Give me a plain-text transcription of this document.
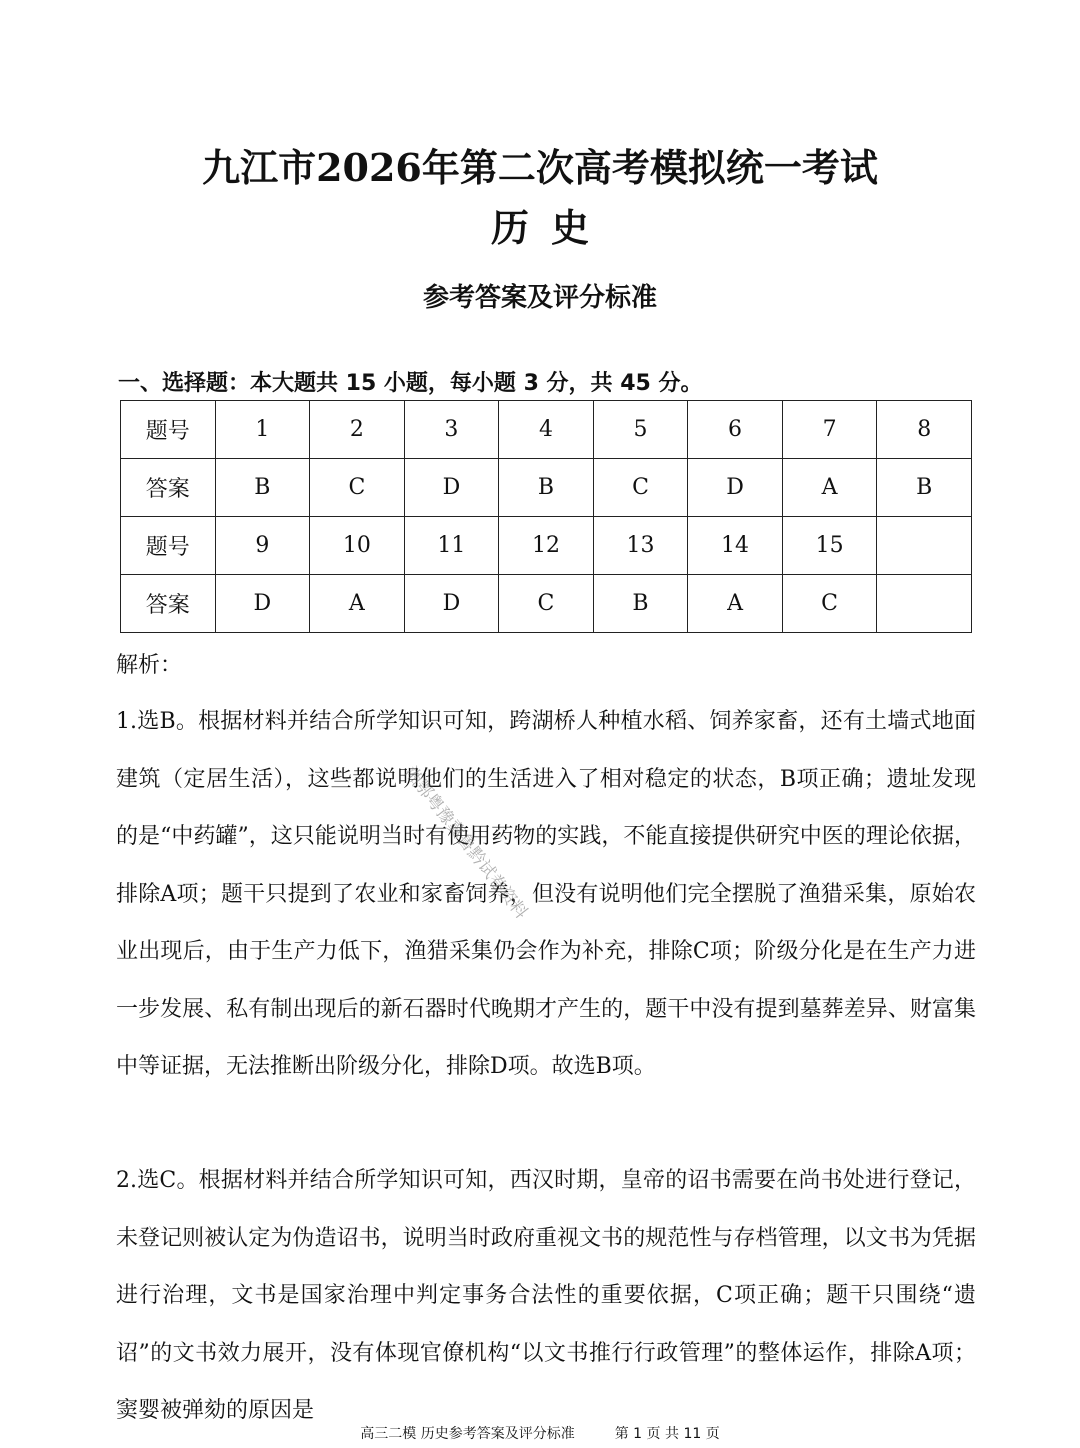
九江市2026年第二次高考模拟统一考试
历史
参考答案及评分标准
一、选择题：本大题共 15 小题，每小题 3 分，共 45 分。
题号	1	2	3	4	5	6	7	8
答案	B	C	D	B	C	D	A	B
题号	9	10	11	12	13	14	15	
答案	D	A	D	C	B	A	C	
解析：
1.选B。根据材料并结合所学知识可知，跨湖桥人种植水稻、饲养家畜，还有土墙式地面建筑（定居生活），这些都说明他们的生活进入了相对稳定的状态，B项正确；遗址发现的是“中药罐”，这只能说明当时有使用药物的实践，不能直接提供研究中医的理论依据，排除A项；题干只提到了农业和家畜饲养，但没有说明他们完全摆脱了渔猎采集，原始农业出现后，由于生产力低下，渔猎采集仍会作为补充，排除C项；阶级分化是在生产力进一步发展、私有制出现后的新石器时代晚期才产生的，题干中没有提到墓葬差异、财富集中等证据，无法推断出阶级分化，排除D项。故选B项。
2.选C。根据材料并结合所学知识可知，西汉时期，皇帝的诏书需要在尚书处进行登记，未登记则被认定为伪造诏书，说明当时政府重视文书的规范性与存档管理，以文书为凭据进行治理，文书是国家治理中判定事务合法性的重要依据，C项正确；题干只围绕“遗诏”的文书效力展开，没有体现官僚机构“以文书推行行政管理”的整体运作，排除A项；窦婴被弹劾的原因是
湘鄂粤豫冀鲁黔试卷资料
高三二模 历史参考答案及评分标准	第 1 页 共 11 页
